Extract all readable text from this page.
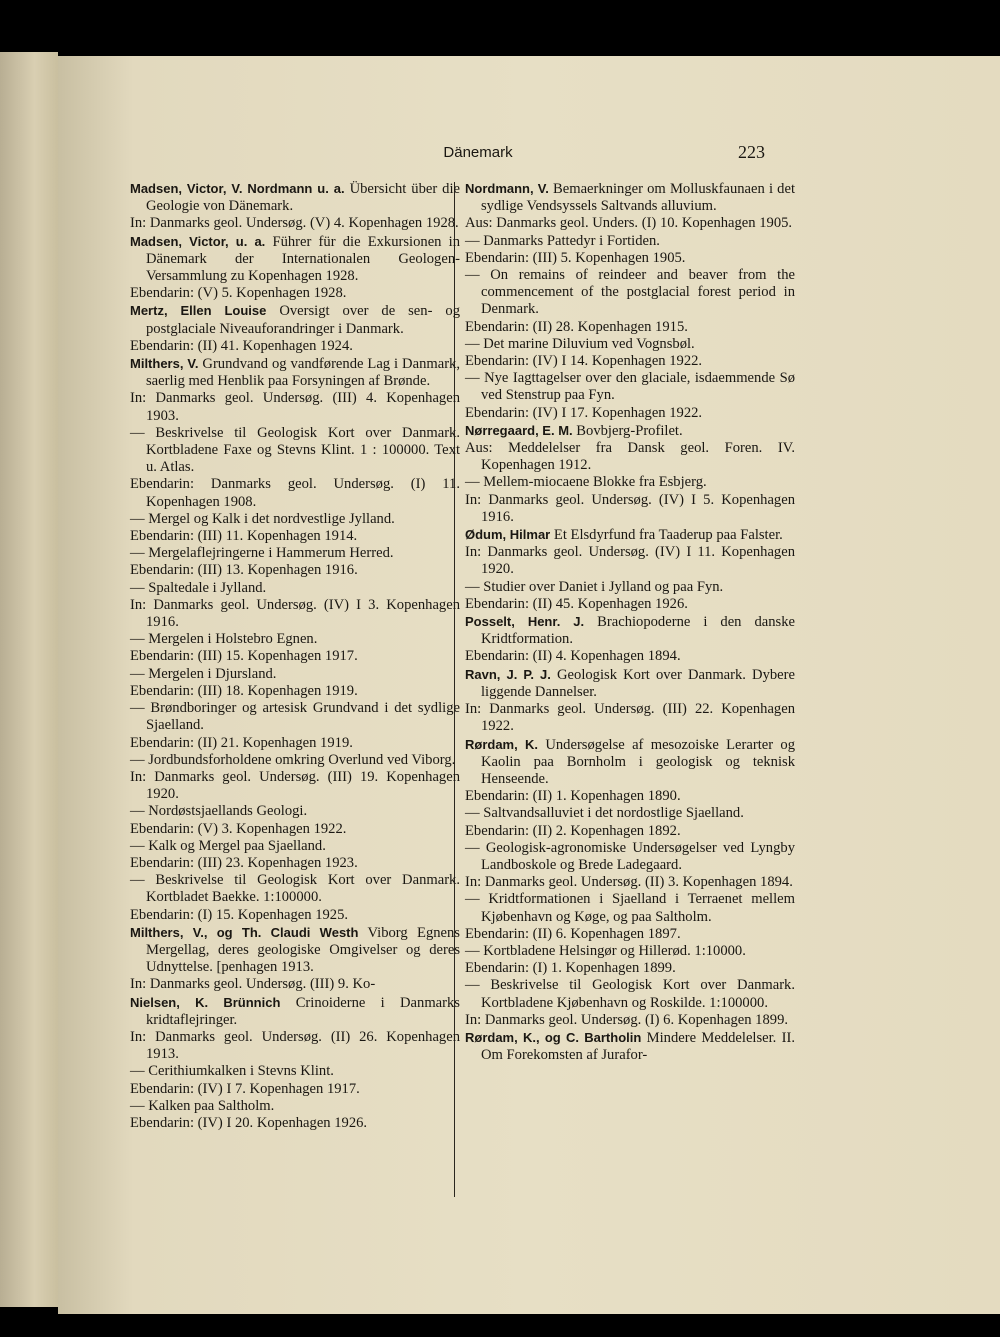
Dänemark	223
Madsen, Victor, V. Nordmann u. a. Übersicht über die Geologie von Dänemark.
In: Danmarks geol. Undersøg. (V) 4. Kopenhagen 1928.
Madsen, Victor, u. a. Führer für die Exkursionen in Dänemark der Internationalen Geologen-Versammlung zu Kopenhagen 1928.
Ebendarin: (V) 5. Kopenhagen 1928.
Mertz, Ellen Louise Oversigt over de sen- og postglaciale Niveauforandringer i Danmark.
Ebendarin: (II) 41. Kopenhagen 1924.
Milthers, V. Grundvand og vandførende Lag i Danmark, saerlig med Henblik paa Forsyningen af Brønde.
In: Danmarks geol. Undersøg. (III) 4. Kopenhagen 1903.
— Beskrivelse til Geologisk Kort over Danmark. Kortbladene Faxe og Stevns Klint. 1 : 100000. Text u. Atlas.
Ebendarin: Danmarks geol. Undersøg. (I) 11. Kopenhagen 1908.
— Mergel og Kalk i det nordvestlige Jylland.
Ebendarin: (III) 11. Kopenhagen 1914.
— Mergelaflejringerne i Hammerum Herred.
Ebendarin: (III) 13. Kopenhagen 1916.
— Spaltedale i Jylland.
In: Danmarks geol. Undersøg. (IV) I 3. Kopenhagen 1916.
— Mergelen i Holstebro Egnen.
Ebendarin: (III) 15. Kopenhagen 1917.
— Mergelen i Djursland.
Ebendarin: (III) 18. Kopenhagen 1919.
— Brøndboringer og artesisk Grundvand i det sydlige Sjaelland.
Ebendarin: (II) 21. Kopenhagen 1919.
— Jordbundsforholdene omkring Overlund ved Viborg.
In: Danmarks geol. Undersøg. (III) 19. Kopenhagen 1920.
— Nordøstsjaellands Geologi.
Ebendarin: (V) 3. Kopenhagen 1922.
— Kalk og Mergel paa Sjaelland.
Ebendarin: (III) 23. Kopenhagen 1923.
— Beskrivelse til Geologisk Kort over Danmark. Kortbladet Baekke. 1:100000.
Ebendarin: (I) 15. Kopenhagen 1925.
Milthers, V., og Th. Claudi Westh Viborg Egnens Mergellag, deres geologiske Omgivelser og deres Udnyttelse. [penhagen 1913.
In: Danmarks geol. Undersøg. (III) 9. Ko-
Nielsen, K. Brünnich Crinoiderne i Danmarks kridtaflejringer.
In: Danmarks geol. Undersøg. (II) 26. Kopenhagen 1913.
— Cerithiumkalken i Stevns Klint.
Ebendarin: (IV) I 7. Kopenhagen 1917.
— Kalken paa Saltholm.
Ebendarin: (IV) I 20. Kopenhagen 1926.
Nordmann, V. Bemaerkninger om Molluskfaunaen i det sydlige Vendsyssels Saltvands alluvium.
Aus: Danmarks geol. Unders. (I) 10. Kopenhagen 1905.
— Danmarks Pattedyr i Fortiden.
Ebendarin: (III) 5. Kopenhagen 1905.
— On remains of reindeer and beaver from the commencement of the postglacial forest period in Denmark.
Ebendarin: (II) 28. Kopenhagen 1915.
— Det marine Diluvium ved Vognsbøl.
Ebendarin: (IV) I 14. Kopenhagen 1922.
— Nye Iagttagelser over den glaciale, isdaemmende Sø ved Stenstrup paa Fyn.
Ebendarin: (IV) I 17. Kopenhagen 1922.
Nørregaard, E. M. Bovbjerg-Profilet.
Aus: Meddelelser fra Dansk geol. Foren. IV. Kopenhagen 1912.
— Mellem-miocaene Blokke fra Esbjerg.
In: Danmarks geol. Undersøg. (IV) I 5. Kopenhagen 1916.
Ødum, Hilmar Et Elsdyrfund fra Taaderup paa Falster.
In: Danmarks geol. Undersøg. (IV) I 11. Kopenhagen 1920.
— Studier over Daniet i Jylland og paa Fyn.
Ebendarin: (II) 45. Kopenhagen 1926.
Posselt, Henr. J. Brachiopoderne i den danske Kridtformation.
Ebendarin: (II) 4. Kopenhagen 1894.
Ravn, J. P. J. Geologisk Kort over Danmark. Dybere liggende Dannelser.
In: Danmarks geol. Undersøg. (III) 22. Kopenhagen 1922.
Rørdam, K. Undersøgelse af mesozoiske Lerarter og Kaolin paa Bornholm i geologisk og teknisk Henseende.
Ebendarin: (II) 1. Kopenhagen 1890.
— Saltvandsalluviet i det nordostlige Sjaelland.
Ebendarin: (II) 2. Kopenhagen 1892.
— Geologisk-agronomiske Undersøgelser ved Lyngby Landboskole og Brede Ladegaard.
In: Danmarks geol. Undersøg. (II) 3. Kopenhagen 1894.
— Kridtformationen i Sjaelland i Terraenet mellem Kjøbenhavn og Køge, og paa Saltholm.
Ebendarin: (II) 6. Kopenhagen 1897.
— Kortbladene Helsingør og Hillerød. 1:10000.
Ebendarin: (I) 1. Kopenhagen 1899.
— Beskrivelse til Geologisk Kort over Danmark. Kortbladene Kjøbenhavn og Roskilde. 1:100000.
In: Danmarks geol. Undersøg. (I) 6. Kopenhagen 1899.
Rørdam, K., og C. Bartholin Mindere Meddelelser. II. Om Forekomsten af Jurafor-
